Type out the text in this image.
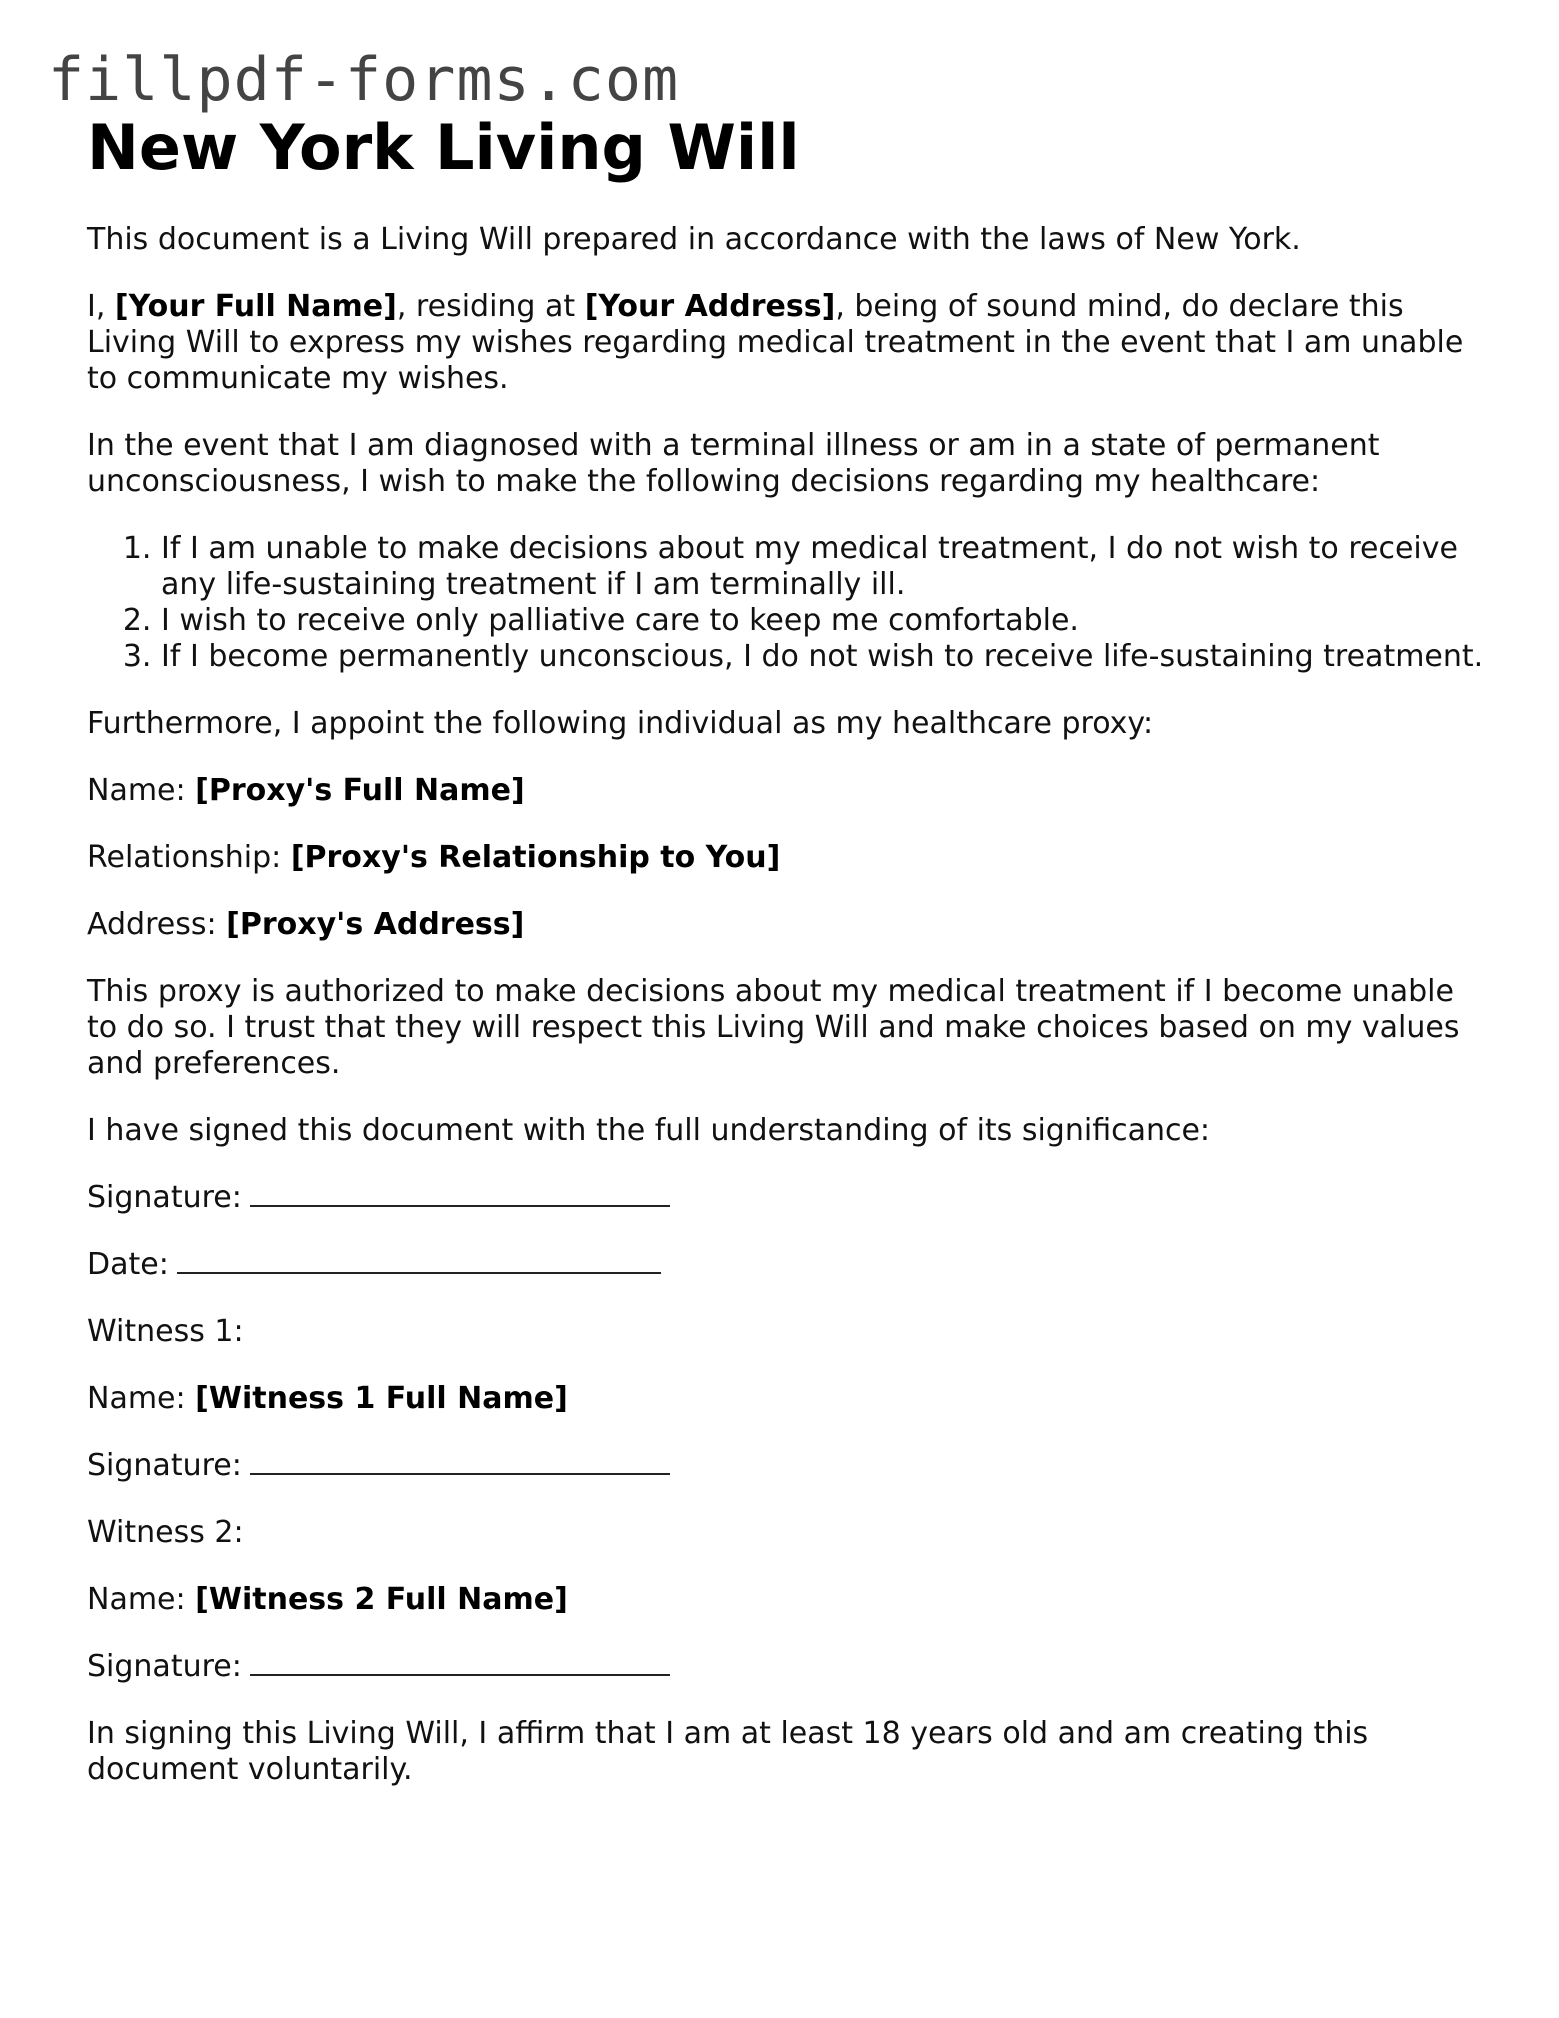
fillpdf-forms.com
New York Living Will

This document is a Living Will prepared in accordance with the laws of New York.

I, [Your Full Name], residing at [Your Address], being of sound mind, do declare this Living Will to express my wishes regarding medical treatment in the event that I am unable to communicate my wishes.

In the event that I am diagnosed with a terminal illness or am in a state of permanent unconsciousness, I wish to make the following decisions regarding my healthcare:

1. If I am unable to make decisions about my medical treatment, I do not wish to receive any life-sustaining treatment if I am terminally ill.
2. I wish to receive only palliative care to keep me comfortable.
3. If I become permanently unconscious, I do not wish to receive life-sustaining treatment.

Furthermore, I appoint the following individual as my healthcare proxy:

Name: [Proxy's Full Name]

Relationship: [Proxy's Relationship to You]

Address: [Proxy's Address]

This proxy is authorized to make decisions about my medical treatment if I become unable to do so. I trust that they will respect this Living Will and make choices based on my values and preferences.

I have signed this document with the full understanding of its significance:

Signature:

Date:

Witness 1:

Name: [Witness 1 Full Name]

Signature:

Witness 2:

Name: [Witness 2 Full Name]

Signature:

In signing this Living Will, I affirm that I am at least 18 years old and am creating this document voluntarily.
